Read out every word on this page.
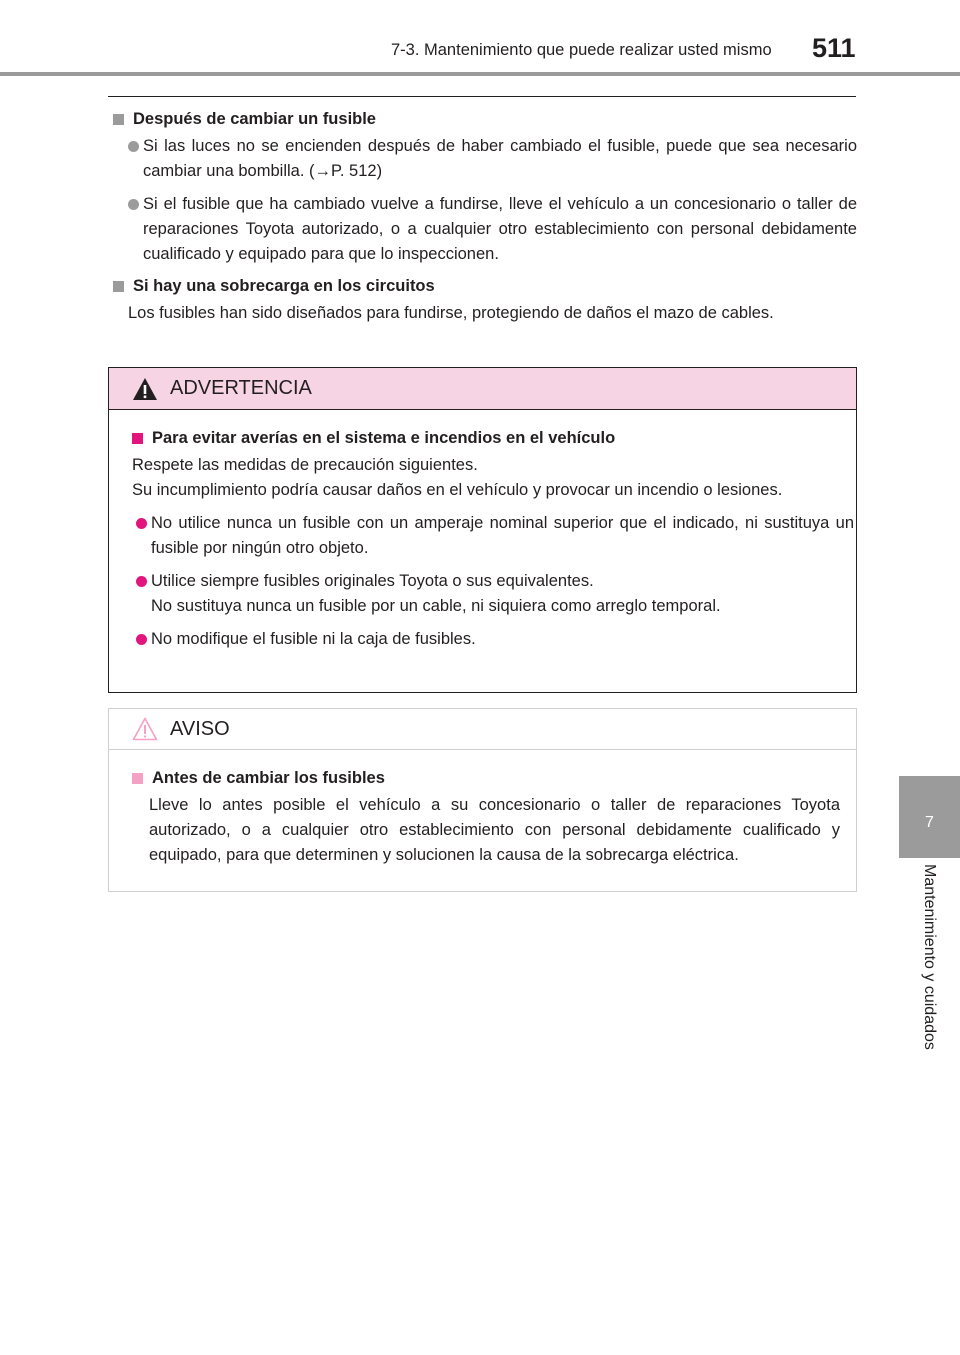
7-3. Mantenimiento que puede realizar usted mismo	511
7
Mantenimiento y cuidados
Después de cambiar un fusible
Si las luces no se encienden después de haber cambiado el fusible, puede que sea necesario cambiar una bombilla. (→P. 512)
Si el fusible que ha cambiado vuelve a fundirse, lleve el vehículo a un concesionario o taller de reparaciones Toyota autorizado, o a cualquier otro establecimiento con personal debidamente cualificado y equipado para que lo inspeccionen.
Si hay una sobrecarga en los circuitos
Los fusibles han sido diseñados para fundirse, protegiendo de daños el mazo de cables.
ADVERTENCIA
Para evitar averías en el sistema e incendios en el vehículo
Respete las medidas de precaución siguientes.
Su incumplimiento podría causar daños en el vehículo y provocar un incendio o lesiones.
No utilice nunca un fusible con un amperaje nominal superior que el indicado, ni sustituya un fusible por ningún otro objeto.
Utilice siempre fusibles originales Toyota o sus equivalentes.
No sustituya nunca un fusible por un cable, ni siquiera como arreglo temporal.
No modifique el fusible ni la caja de fusibles.
AVISO
Antes de cambiar los fusibles
Lleve lo antes posible el vehículo a su concesionario o taller de reparaciones Toyota autorizado, o a cualquier otro establecimiento con personal debidamente cualificado y equipado, para que determinen y solucionen la causa de la sobrecarga eléctrica.
